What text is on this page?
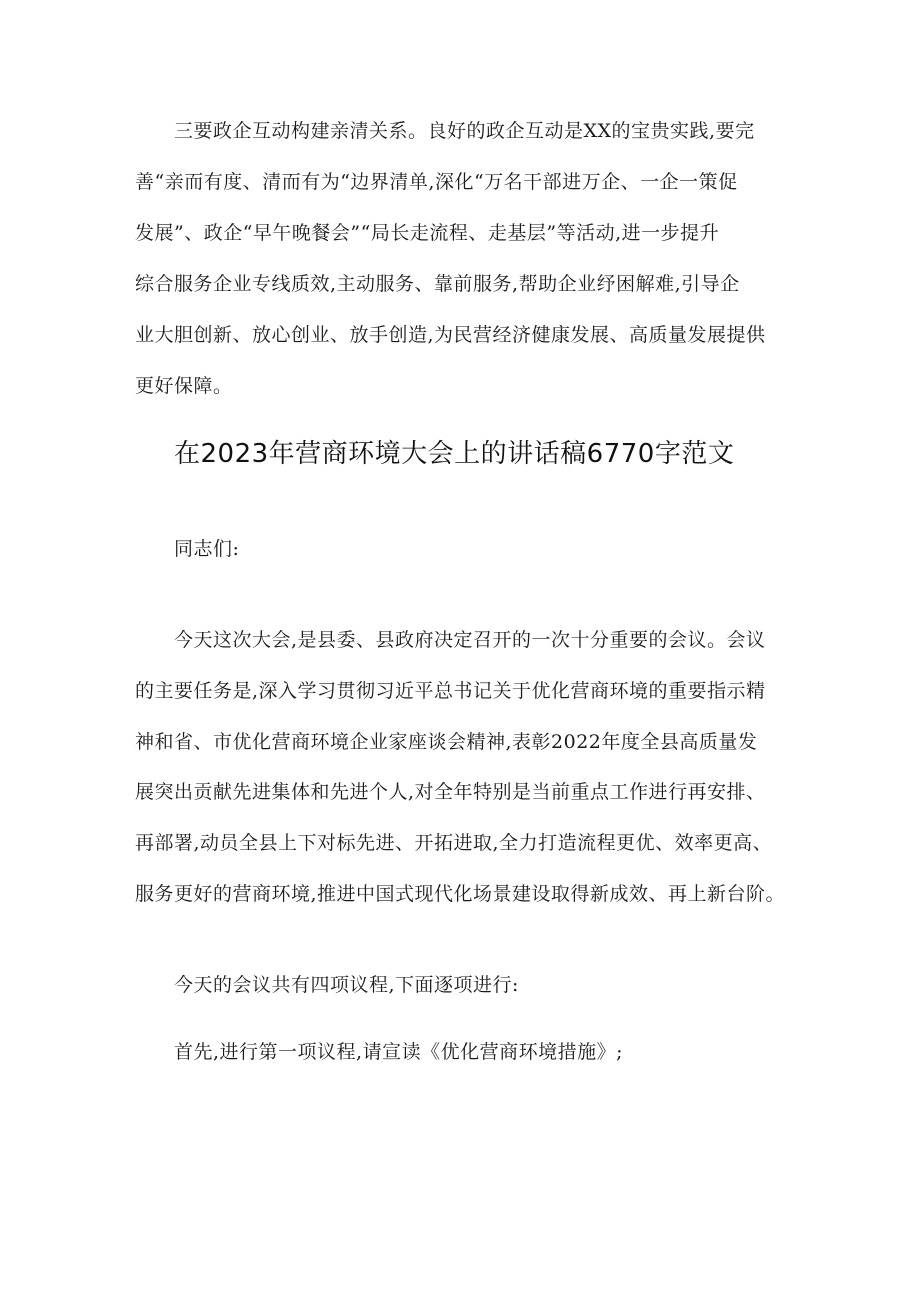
三要政企互动构建亲清关系。良好的政企互动是XX的宝贵实践,要完
善“亲而有度、清而有为“边界清单,深化“万名干部进万企、一企一策促
发展”、政企“早午晚餐会”“局长走流程、走基层”等活动,进一步提升
综合服务企业专线质效,主动服务、靠前服务,帮助企业纾困解难,引导企
业大胆创新、放心创业、放手创造,为民营经济健康发展、高质量发展提供
更好保障。
在2023年营商环境大会上的讲话稿6770字范文
同志们:
今天这次大会,是县委、县政府决定召开的一次十分重要的会议。会议
的主要任务是,深入学习贯彻习近平总书记关于优化营商环境的重要指示精
神和省、市优化营商环境企业家座谈会精神,表彰2022年度全县高质量发
展突出贡献先进集体和先进个人,对全年特别是当前重点工作进行再安排、
再部署,动员全县上下对标先进、开拓进取,全力打造流程更优、效率更高、
服务更好的营商环境,推进中国式现代化场景建设取得新成效、再上新台阶。
今天的会议共有四项议程,下面逐项进行:
首先,进行第一项议程,请宣读《优化营商环境措施》;
